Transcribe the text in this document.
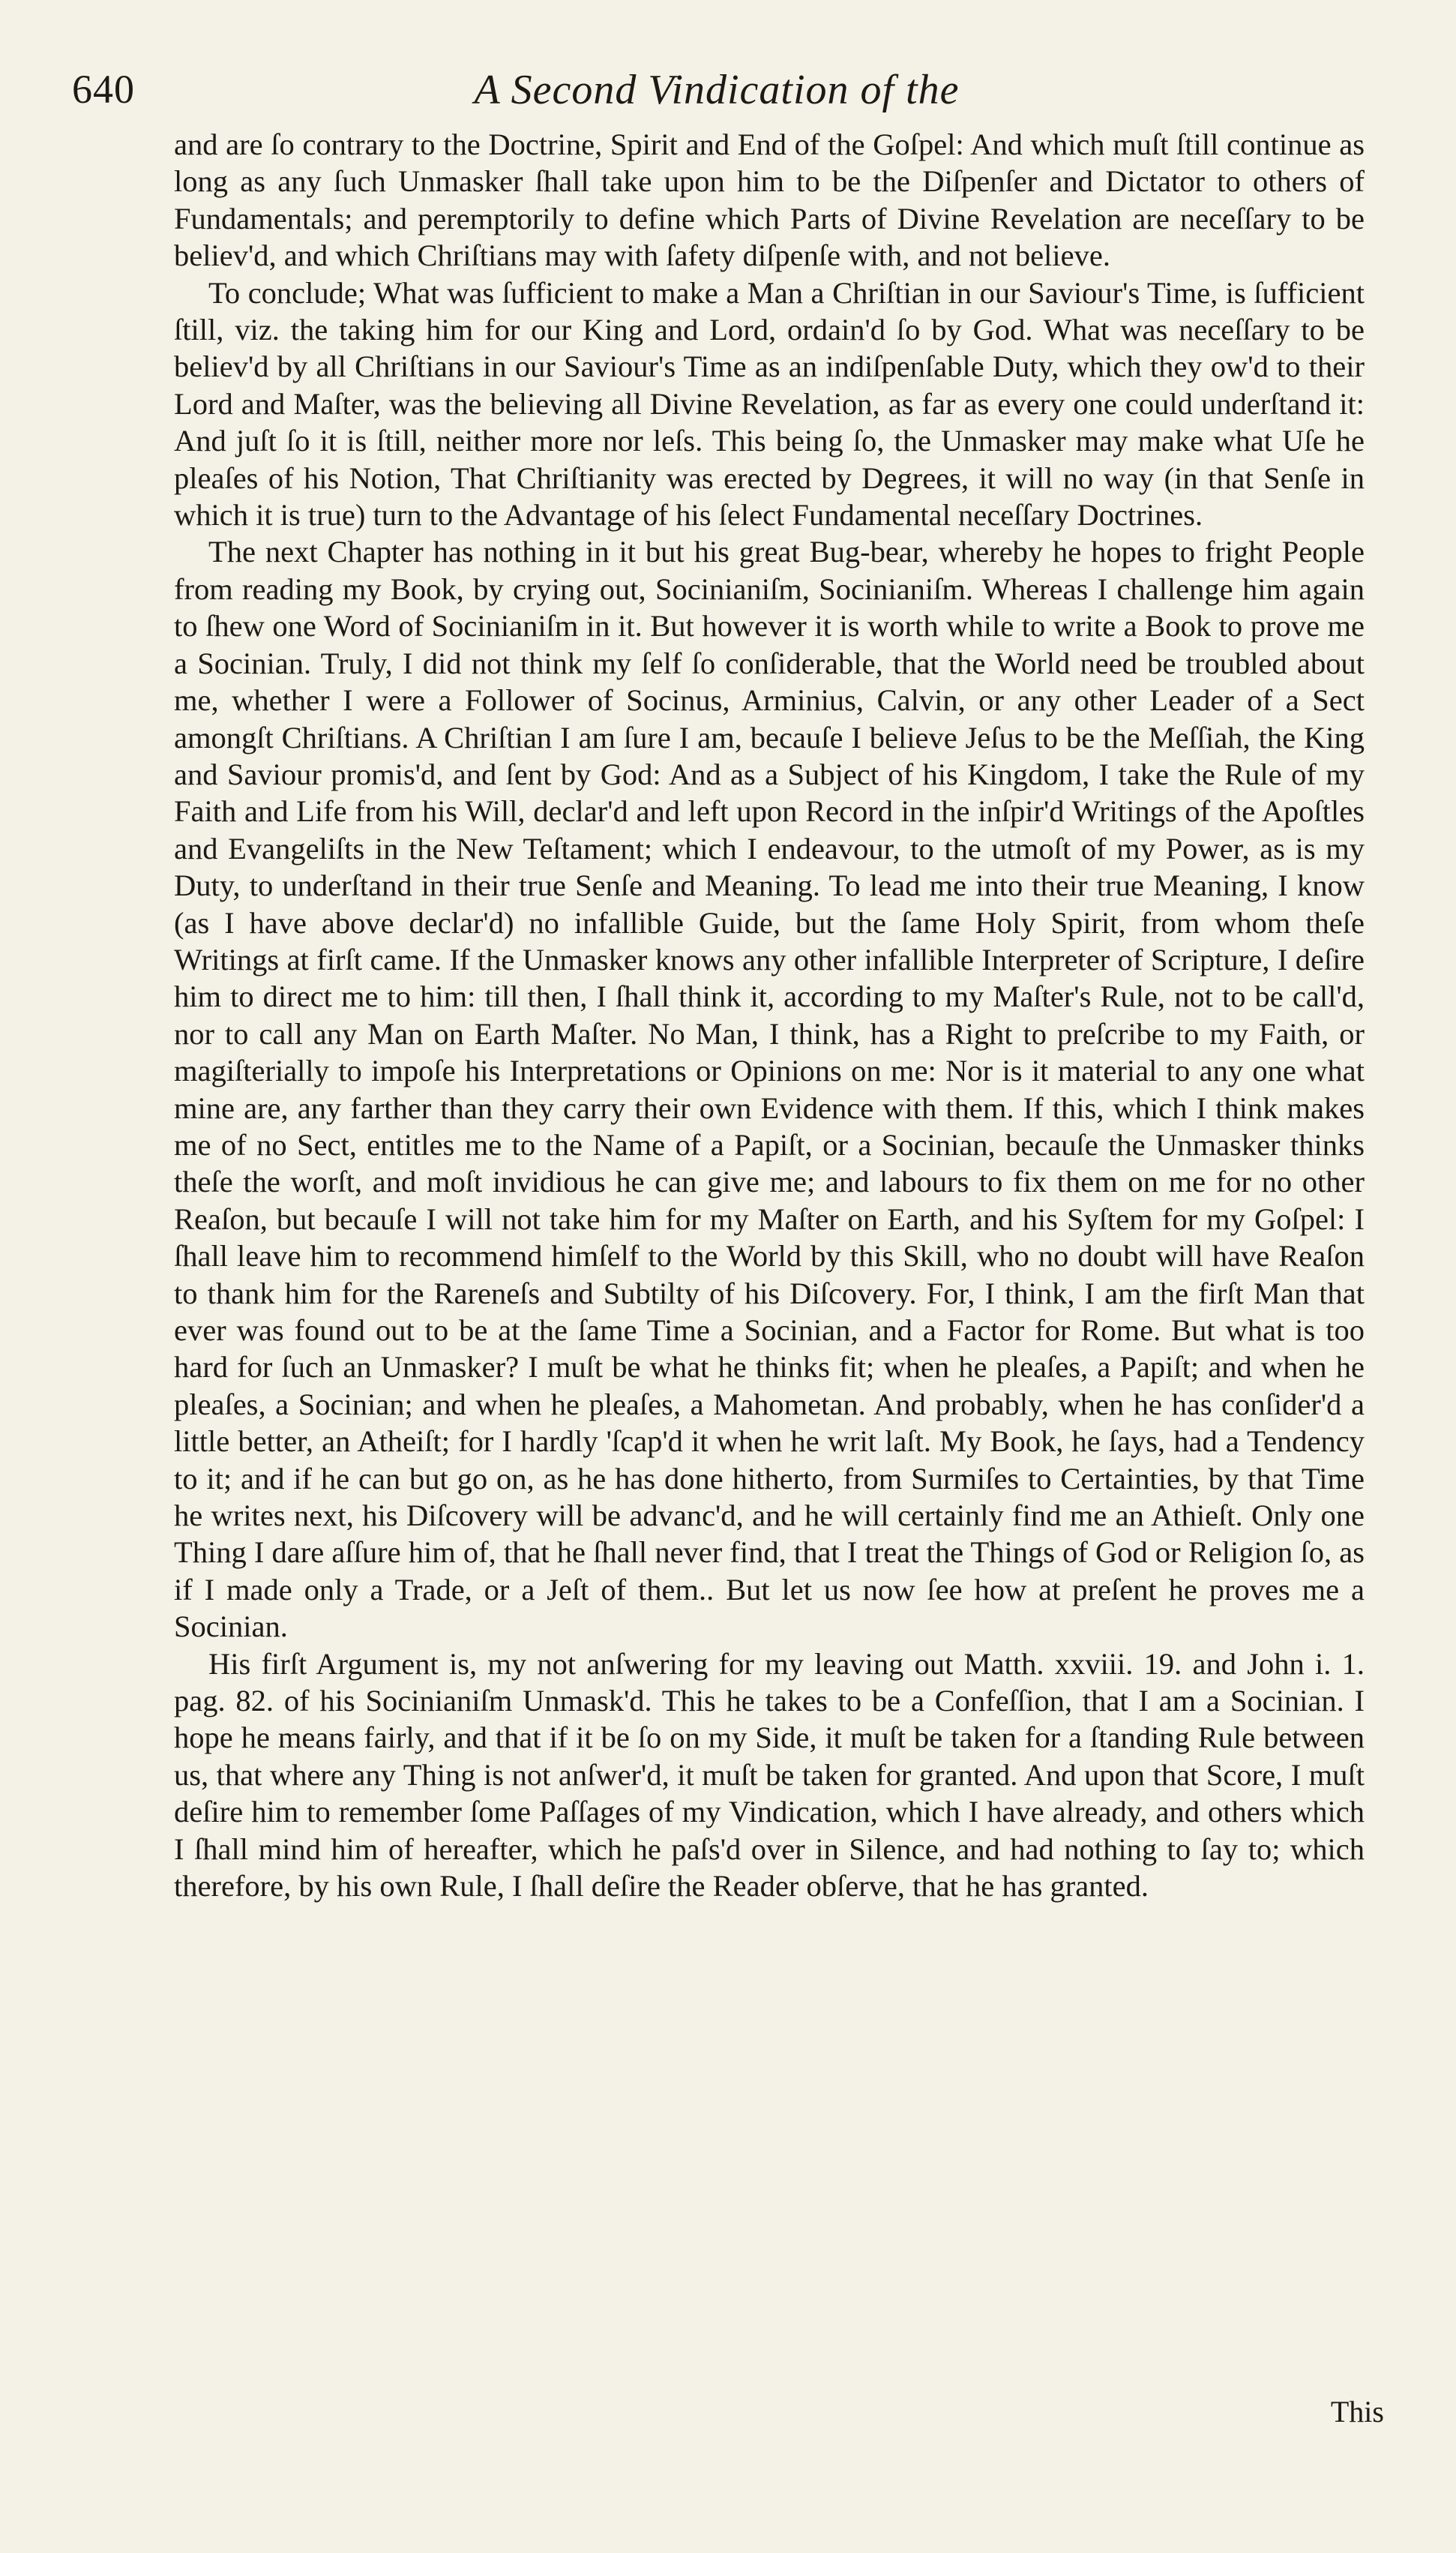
640	A Second Vindication of the

and are ſo contrary to the Doctrine, Spirit and End of the Goſpel: And which muſt ſtill continue as long as any ſuch Unmasker ſhall take upon him to be the Diſpenſer and Dictator to others of Fundamentals; and peremptorily to define which Parts of Divine Revelation are neceſſary to be believ'd, and which Chriſtians may with ſafety diſpenſe with, and not believe.

To conclude; What was ſufficient to make a Man a Chriſtian in our Saviour's Time, is ſufficient ſtill, viz. the taking him for our King and Lord, ordain'd ſo by God. What was neceſſary to be believ'd by all Chriſtians in our Saviour's Time as an indiſpenſable Duty, which they ow'd to their Lord and Maſter, was the believing all Divine Revelation, as far as every one could underſtand it: And juſt ſo it is ſtill, neither more nor leſs. This being ſo, the Unmasker may make what Uſe he pleaſes of his Notion, That Chriſtianity was erected by Degrees, it will no way (in that Senſe in which it is true) turn to the Advantage of his ſelect Fundamental neceſſary Doctrines.

The next Chapter has nothing in it but his great Bug-bear, whereby he hopes to fright People from reading my Book, by crying out, Socinianiſm, Socinianiſm. Whereas I challenge him again to ſhew one Word of Socinianiſm in it. But however it is worth while to write a Book to prove me a Socinian. Truly, I did not think my ſelf ſo conſiderable, that the World need be troubled about me, whether I were a Follower of Socinus, Arminius, Calvin, or any other Leader of a Sect amongſt Chriſtians. A Chriſtian I am ſure I am, becauſe I believe Jeſus to be the Meſſiah, the King and Saviour promis'd, and ſent by God: And as a Subject of his Kingdom, I take the Rule of my Faith and Life from his Will, declar'd and left upon Record in the inſpir'd Writings of the Apoſtles and Evangeliſts in the New Teſtament; which I endeavour, to the utmoſt of my Power, as is my Duty, to underſtand in their true Senſe and Meaning. To lead me into their true Meaning, I know (as I have above declar'd) no infallible Guide, but the ſame Holy Spirit, from whom theſe Writings at firſt came. If the Unmasker knows any other infallible Interpreter of Scripture, I deſire him to direct me to him: till then, I ſhall think it, according to my Maſter's Rule, not to be call'd, nor to call any Man on Earth Maſter. No Man, I think, has a Right to preſcribe to my Faith, or magiſterially to impoſe his Interpretations or Opinions on me: Nor is it material to any one what mine are, any farther than they carry their own Evidence with them. If this, which I think makes me of no Sect, entitles me to the Name of a Papiſt, or a Socinian, becauſe the Unmasker thinks theſe the worſt, and moſt invidious he can give me; and labours to fix them on me for no other Reaſon, but becauſe I will not take him for my Maſter on Earth, and his Syſtem for my Goſpel: I ſhall leave him to recommend himſelf to the World by this Skill, who no doubt will have Reaſon to thank him for the Rareneſs and Subtilty of his Diſcovery. For, I think, I am the firſt Man that ever was found out to be at the ſame Time a Socinian, and a Factor for Rome. But what is too hard for ſuch an Unmasker? I muſt be what he thinks fit; when he pleaſes, a Papiſt; and when he pleaſes, a Socinian; and when he pleaſes, a Mahometan. And probably, when he has conſider'd a little better, an Atheiſt; for I hardly 'ſcap'd it when he writ laſt. My Book, he ſays, had a Tendency to it; and if he can but go on, as he has done hitherto, from Surmiſes to Certainties, by that Time he writes next, his Diſcovery will be advanc'd, and he will certainly find me an Athieſt. Only one Thing I dare aſſure him of, that he ſhall never find, that I treat the Things of God or Religion ſo, as if I made only a Trade, or a Jeſt of them.. But let us now ſee how at preſent he proves me a Socinian.

His firſt Argument is, my not anſwering for my leaving out Matth. xxviii. 19. and John i. 1. pag. 82. of his Socinianiſm Unmask'd. This he takes to be a Confeſſion, that I am a Socinian. I hope he means fairly, and that if it be ſo on my Side, it muſt be taken for a ſtanding Rule between us, that where any Thing is not anſwer'd, it muſt be taken for granted. And upon that Score, I muſt deſire him to remember ſome Paſſages of my Vindication, which I have already, and others which I ſhall mind him of hereafter, which he paſs'd over in Silence, and had nothing to ſay to; which therefore, by his own Rule, I ſhall deſire the Reader obſerve, that he has granted.

This
